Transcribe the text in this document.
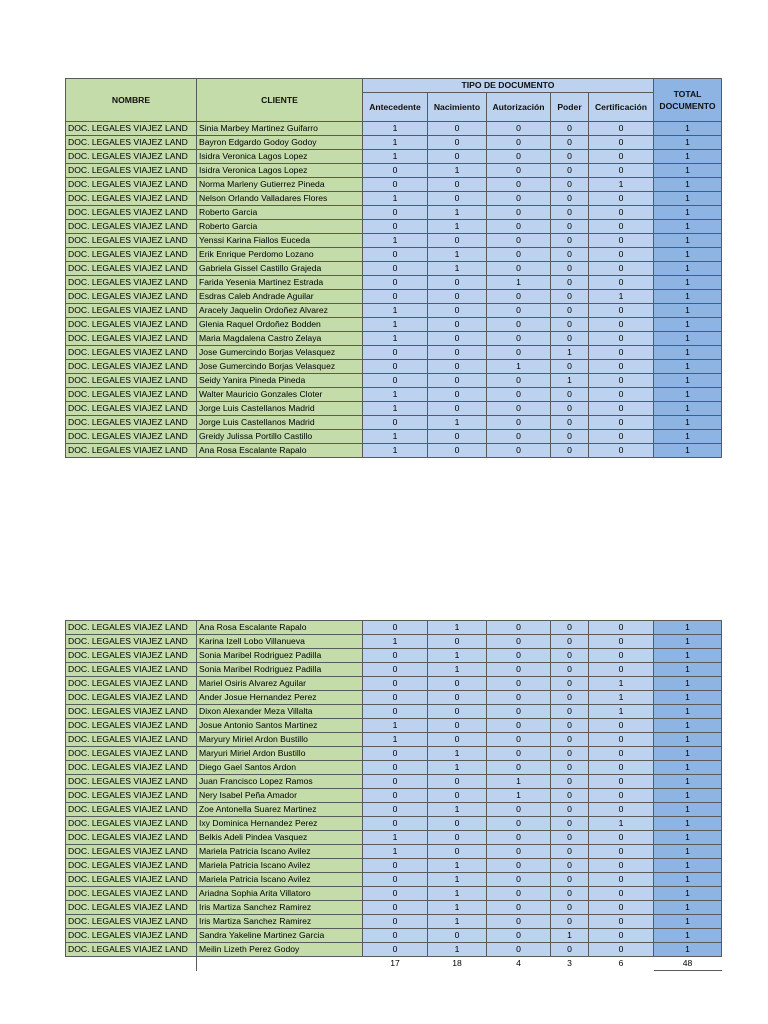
NOMBRE	CLIENTE	TIPO DE DOCUMENTO					TOTAL DOCUMENTO
		Antecedente	Nacimiento	Autorización	Poder	Certificación	
DOC. LEGALES VIAJEZ LAND	Sinia Marbey Martinez Guifarro	1	0	0	0	0	1
DOC. LEGALES VIAJEZ LAND	Bayron Edgardo Godoy Godoy	1	0	0	0	0	1
DOC. LEGALES VIAJEZ LAND	Isidra Veronica Lagos Lopez	1	0	0	0	0	1
DOC. LEGALES VIAJEZ LAND	Isidra Veronica Lagos Lopez	0	1	0	0	0	1
DOC. LEGALES VIAJEZ LAND	Norma Marleny Gutierrez Pineda	0	0	0	0	1	1
DOC. LEGALES VIAJEZ LAND	Nelson Orlando Valladares Flores	1	0	0	0	0	1
DOC. LEGALES VIAJEZ LAND	Roberto Garcia	0	1	0	0	0	1
DOC. LEGALES VIAJEZ LAND	Roberto Garcia	0	1	0	0	0	1
DOC. LEGALES VIAJEZ LAND	Yenssi Karina Fiallos Euceda	1	0	0	0	0	1
DOC. LEGALES VIAJEZ LAND	Erik Enrique Perdomo Lozano	0	1	0	0	0	1
DOC. LEGALES VIAJEZ LAND	Gabriela Gissel Castillo Grajeda	0	1	0	0	0	1
DOC. LEGALES VIAJEZ LAND	Farida Yesenia Martinez Estrada	0	0	1	0	0	1
DOC. LEGALES VIAJEZ LAND	Esdras Caleb Andrade Aguilar	0	0	0	0	1	1
DOC. LEGALES VIAJEZ LAND	Aracely Jaquelin Ordoñez Alvarez	1	0	0	0	0	1
DOC. LEGALES VIAJEZ LAND	Glenia Raquel Ordoñez Bodden	1	0	0	0	0	1
DOC. LEGALES VIAJEZ LAND	Maria Magdalena Castro Zelaya	1	0	0	0	0	1
DOC. LEGALES VIAJEZ LAND	Jose Gumercindo Borjas Velasquez	0	0	0	1	0	1
DOC. LEGALES VIAJEZ LAND	Jose Gumercindo Borjas Velasquez	0	0	1	0	0	1
DOC. LEGALES VIAJEZ LAND	Seidy Yanira Pineda Pineda	0	0	0	1	0	1
DOC. LEGALES VIAJEZ LAND	Walter Mauricio Gonzales Cloter	1	0	0	0	0	1
DOC. LEGALES VIAJEZ LAND	Jorge Luis Castellanos Madrid	1	0	0	0	0	1
DOC. LEGALES VIAJEZ LAND	Jorge Luis Castellanos Madrid	0	1	0	0	0	1
DOC. LEGALES VIAJEZ LAND	Greidy Julissa Portillo Castillo	1	0	0	0	0	1
DOC. LEGALES VIAJEZ LAND	Ana Rosa Escalante Rapalo	1	0	0	0	0	1
DOC. LEGALES VIAJEZ LAND	Ana Rosa Escalante Rapalo	0	1	0	0	0	1
DOC. LEGALES VIAJEZ LAND	Karina Izell Lobo Villanueva	1	0	0	0	0	1
DOC. LEGALES VIAJEZ LAND	Sonia Maribel Rodriguez Padilla	0	1	0	0	0	1
DOC. LEGALES VIAJEZ LAND	Sonia Maribel Rodriguez Padilla	0	1	0	0	0	1
DOC. LEGALES VIAJEZ LAND	Mariel Osiris Alvarez Aguilar	0	0	0	0	1	1
DOC. LEGALES VIAJEZ LAND	Ander Josue Hernandez Perez	0	0	0	0	1	1
DOC. LEGALES VIAJEZ LAND	Dixon Alexander Meza Villalta	0	0	0	0	1	1
DOC. LEGALES VIAJEZ LAND	Josue Antonio Santos Martinez	1	0	0	0	0	1
DOC. LEGALES VIAJEZ LAND	Maryury Miriel Ardon Bustillo	1	0	0	0	0	1
DOC. LEGALES VIAJEZ LAND	Maryuri Miriel Ardon Bustillo	0	1	0	0	0	1
DOC. LEGALES VIAJEZ LAND	Diego Gael Santos Ardon	0	1	0	0	0	1
DOC. LEGALES VIAJEZ LAND	Juan Francisco Lopez Ramos	0	0	1	0	0	1
DOC. LEGALES VIAJEZ LAND	Nery Isabel Peña Amador	0	0	1	0	0	1
DOC. LEGALES VIAJEZ LAND	Zoe Antonella Suarez Martinez	0	1	0	0	0	1
DOC. LEGALES VIAJEZ LAND	Ixy Dominica Hernandez Perez	0	0	0	0	1	1
DOC. LEGALES VIAJEZ LAND	Belkis Adeli Pindea Vasquez	1	0	0	0	0	1
DOC. LEGALES VIAJEZ LAND	Mariela Patricia Iscano Avilez	1	0	0	0	0	1
DOC. LEGALES VIAJEZ LAND	Mariela Patricia Iscano Avilez	0	1	0	0	0	1
DOC. LEGALES VIAJEZ LAND	Mariela Patricia Iscano Avilez	0	1	0	0	0	1
DOC. LEGALES VIAJEZ LAND	Ariadna Sophia Arita Villatoro	0	1	0	0	0	1
DOC. LEGALES VIAJEZ LAND	Iris Martiza Sanchez Ramirez	0	1	0	0	0	1
DOC. LEGALES VIAJEZ LAND	Iris Martiza Sanchez Ramirez	0	1	0	0	0	1
DOC. LEGALES VIAJEZ LAND	Sandra Yakeline Martinez Garcia	0	0	0	1	0	1
DOC. LEGALES VIAJEZ LAND	Meilin Lizeth Perez Godoy	0	1	0	0	0	1
		17	18	4	3	6	48
